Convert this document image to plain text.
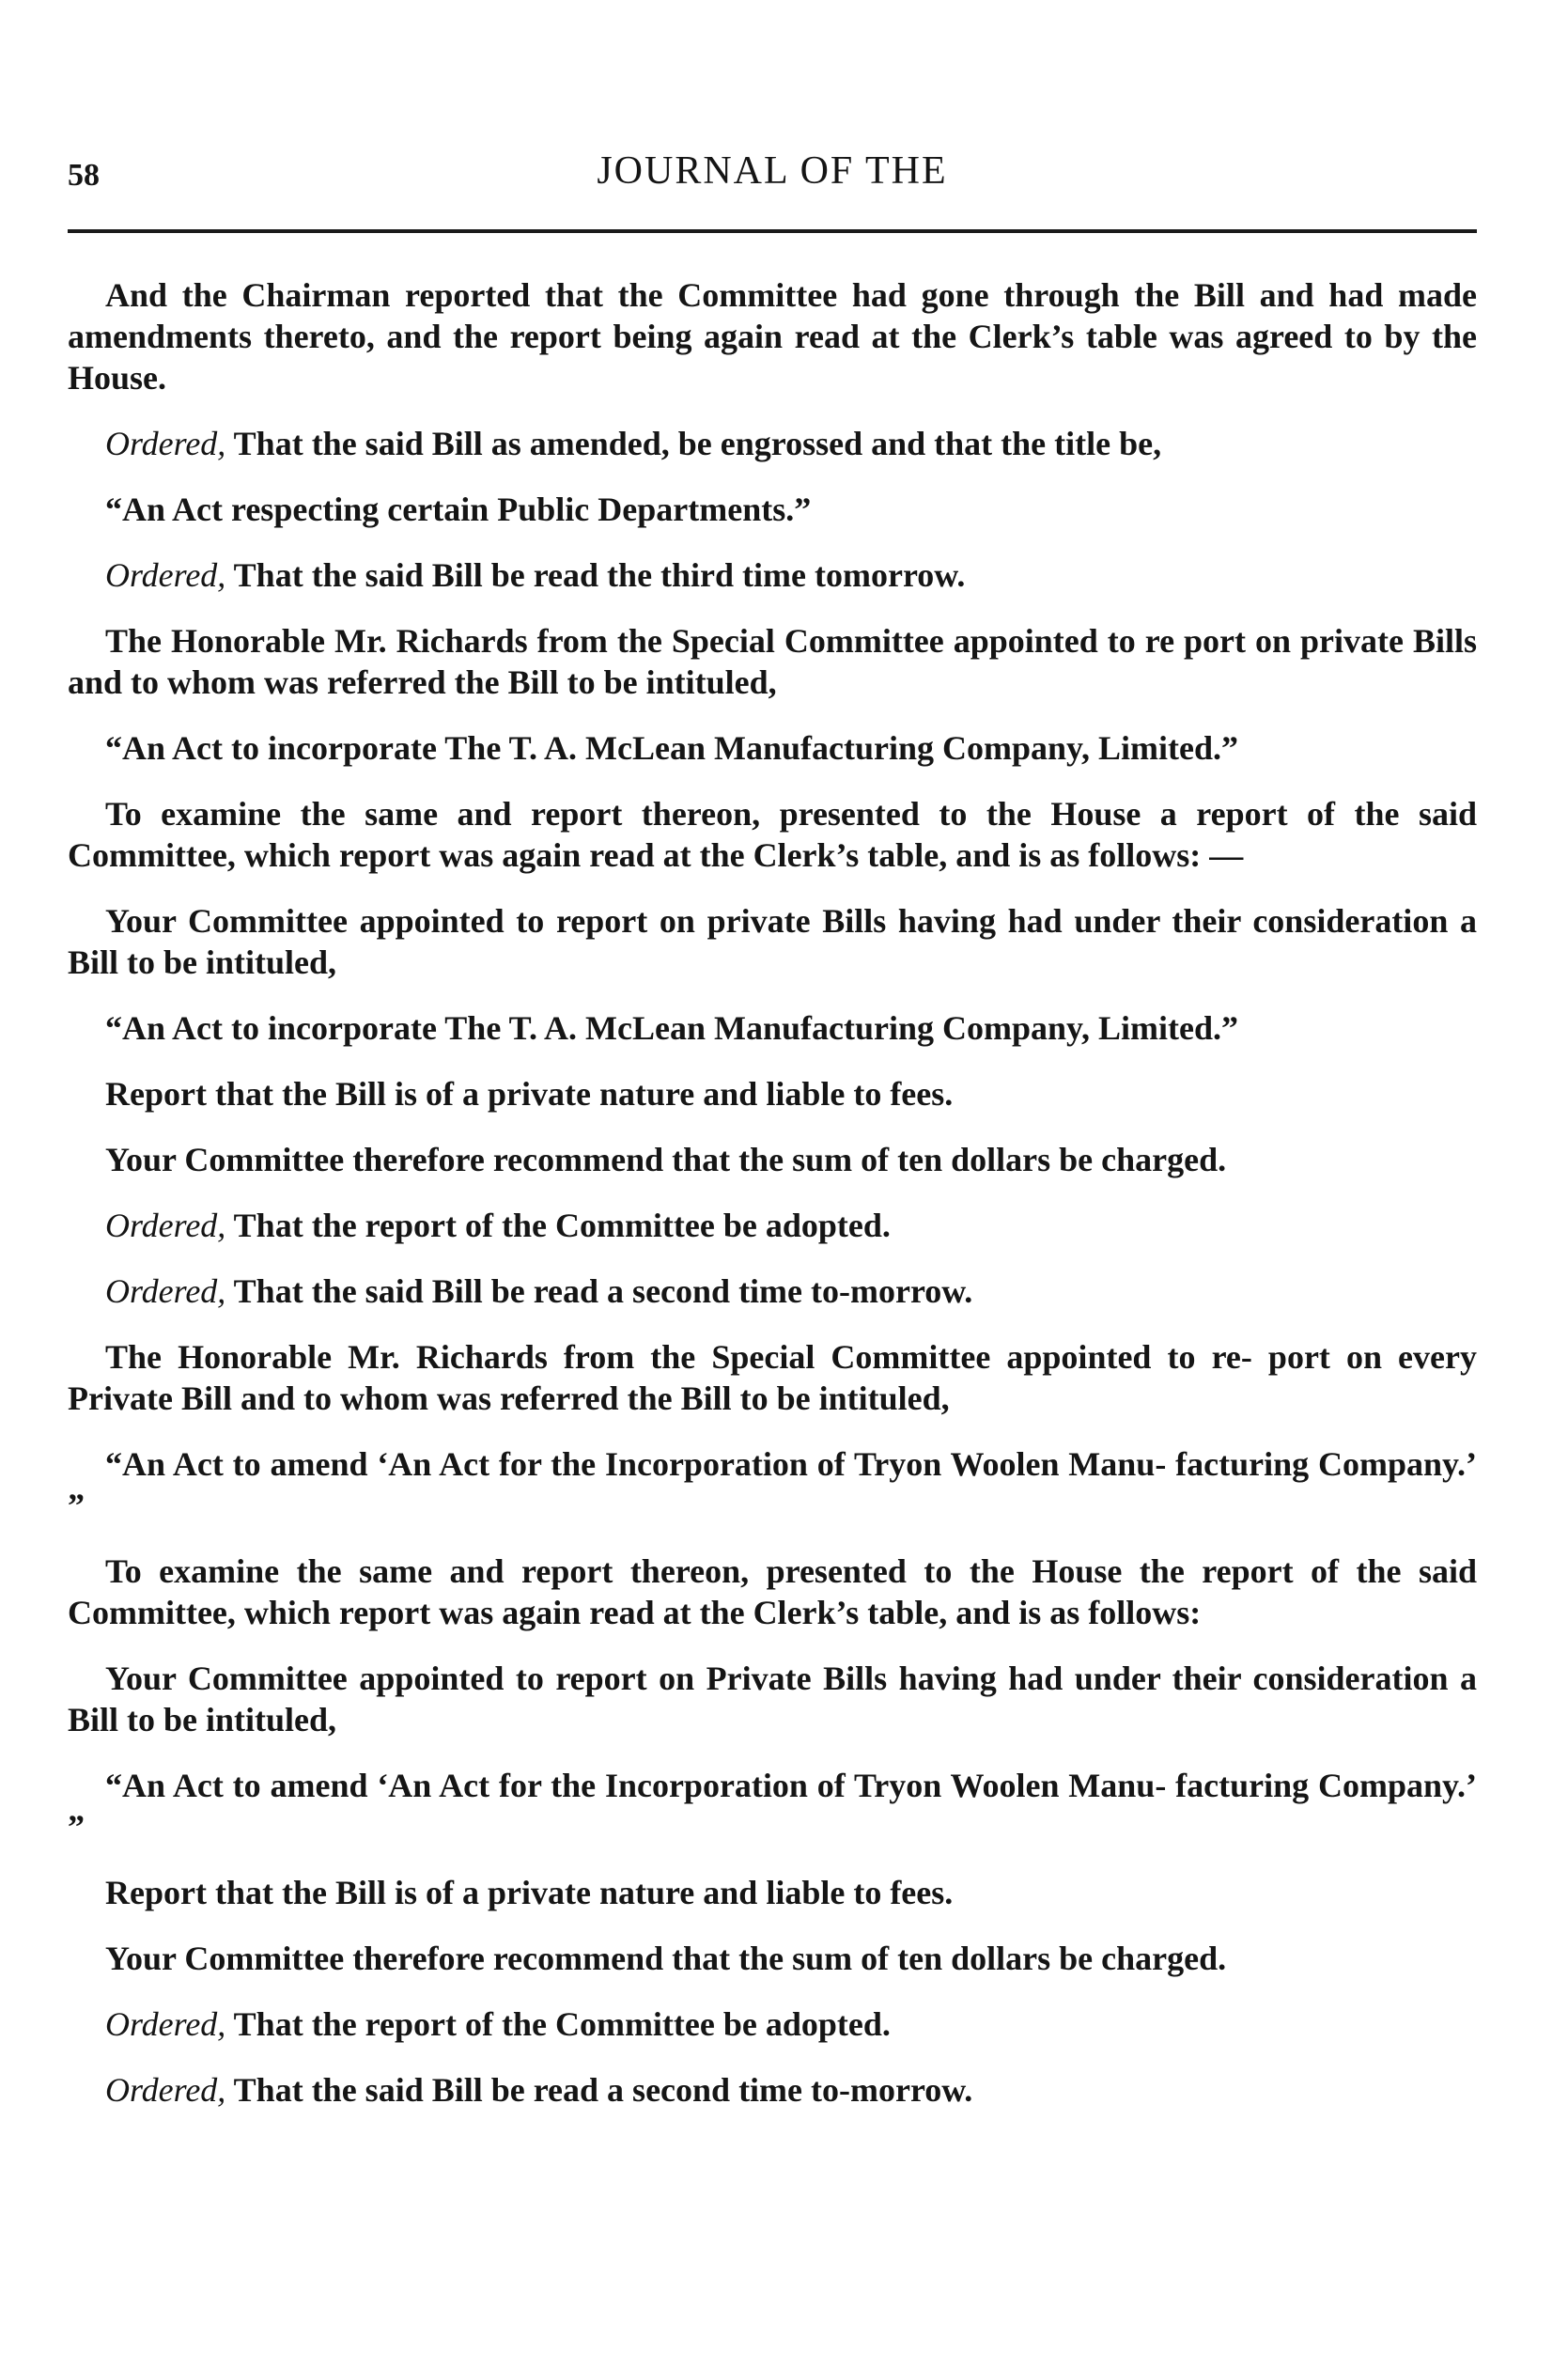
58	JOURNAL OF THE

And the Chairman reported that the Committee had gone through the Bill and had made amendments thereto, and the report being again read at the Clerk’s table was agreed to by the House.

Ordered, That the said Bill as amended, be engrossed and that the title be,

“An Act respecting certain Public Departments.”

Ordered, That the said Bill be read the third time tomorrow.

The Honorable Mr. Richards from the Special Committee appointed to re port on private Bills and to whom was referred the Bill to be intituled,

“An Act to incorporate The T. A. McLean Manufacturing Company, Limited.”

To examine the same and report thereon, presented to the House a report of the said Committee, which report was again read at the Clerk’s table, and is as follows: —

Your Committee appointed to report on private Bills having had under their consideration a Bill to be intituled,

“An Act to incorporate The T. A. McLean Manufacturing Company, Limited.”

Report that the Bill is of a private nature and liable to fees.

Your Committee therefore recommend that the sum of ten dollars be charged.

Ordered, That the report of the Committee be adopted.

Ordered, That the said Bill be read a second time to-morrow.

The Honorable Mr. Richards from the Special Committee appointed to re- port on every Private Bill and to whom was referred the Bill to be intituled,

“An Act to amend ‘An Act for the Incorporation of Tryon Woolen Manu- facturing Company.’ ”

To examine the same and report thereon, presented to the House the report of the said Committee, which report was again read at the Clerk’s table, and is as follows:

Your Committee appointed to report on Private Bills having had under their consideration a Bill to be intituled,

“An Act to amend ‘An Act for the Incorporation of Tryon Woolen Manu- facturing Company.’ ”

Report that the Bill is of a private nature and liable to fees.

Your Committee therefore recommend that the sum of ten dollars be charged.

Ordered, That the report of the Committee be adopted.

Ordered, That the said Bill be read a second time to-morrow.
